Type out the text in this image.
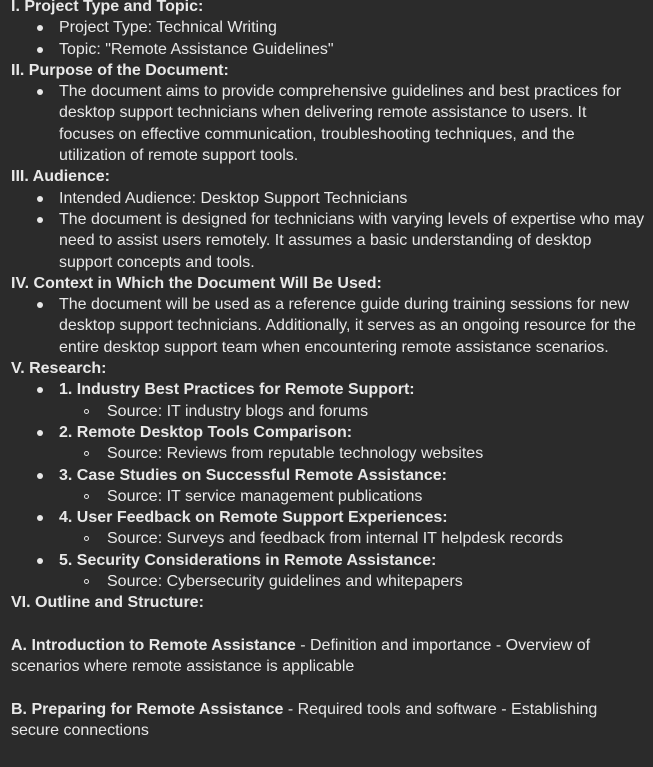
I. Project Type and Topic:
Project Type: Technical Writing
Topic: "Remote Assistance Guidelines"
II. Purpose of the Document:
The document aims to provide comprehensive guidelines and best practices for desktop support technicians when delivering remote assistance to users. It focuses on effective communication, troubleshooting techniques, and the utilization of remote support tools.
III. Audience:
Intended Audience: Desktop Support Technicians
The document is designed for technicians with varying levels of expertise who may need to assist users remotely. It assumes a basic understanding of desktop support concepts and tools.
IV. Context in Which the Document Will Be Used:
The document will be used as a reference guide during training sessions for new desktop support technicians. Additionally, it serves as an ongoing resource for the entire desktop support team when encountering remote assistance scenarios.
V. Research:
1. Industry Best Practices for Remote Support:
Source: IT industry blogs and forums
2. Remote Desktop Tools Comparison:
Source: Reviews from reputable technology websites
3. Case Studies on Successful Remote Assistance:
Source: IT service management publications
4. User Feedback on Remote Support Experiences:
Source: Surveys and feedback from internal IT helpdesk records
5. Security Considerations in Remote Assistance:
Source: Cybersecurity guidelines and whitepapers
VI. Outline and Structure:
A. Introduction to Remote Assistance - Definition and importance - Overview of scenarios where remote assistance is applicable
B. Preparing for Remote Assistance - Required tools and software - Establishing secure connections
